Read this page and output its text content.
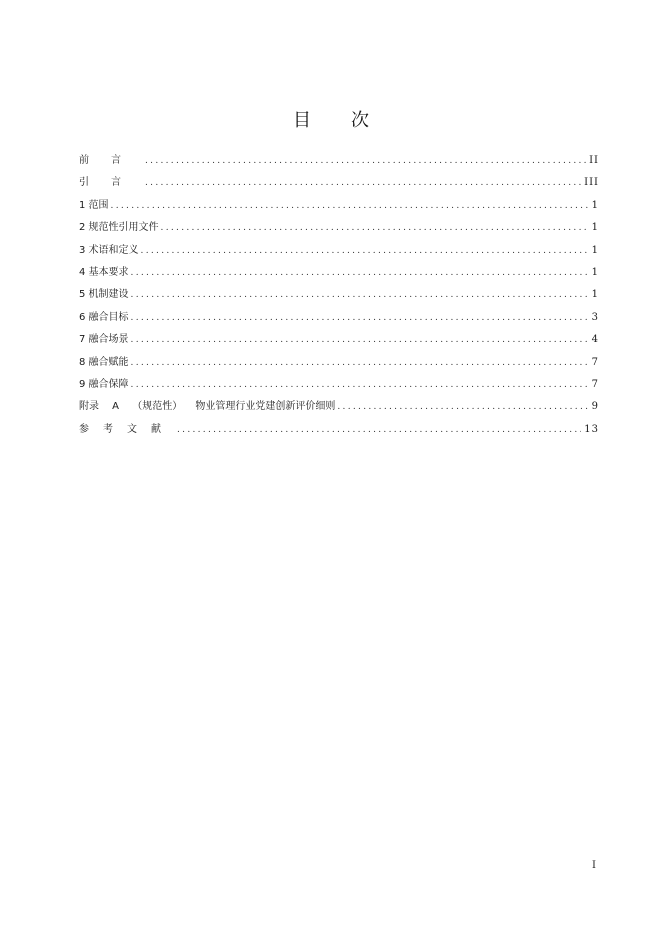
目 次
前言 .....	II
引言 .....	III
1 范围 .....	1
2 规范性引用文件 .....	1
3 术语和定义 .....	1
4 基本要求 .....	1
5 机制建设 .....	1
6 融合目标 .....	3
7 融合场景 .....	4
8 融合赋能 .....	7
9 融合保障 .....	7
附录 A （规范性） 物业管理行业党建创新评价细则 .....	9
参考文献 .....	13
I
